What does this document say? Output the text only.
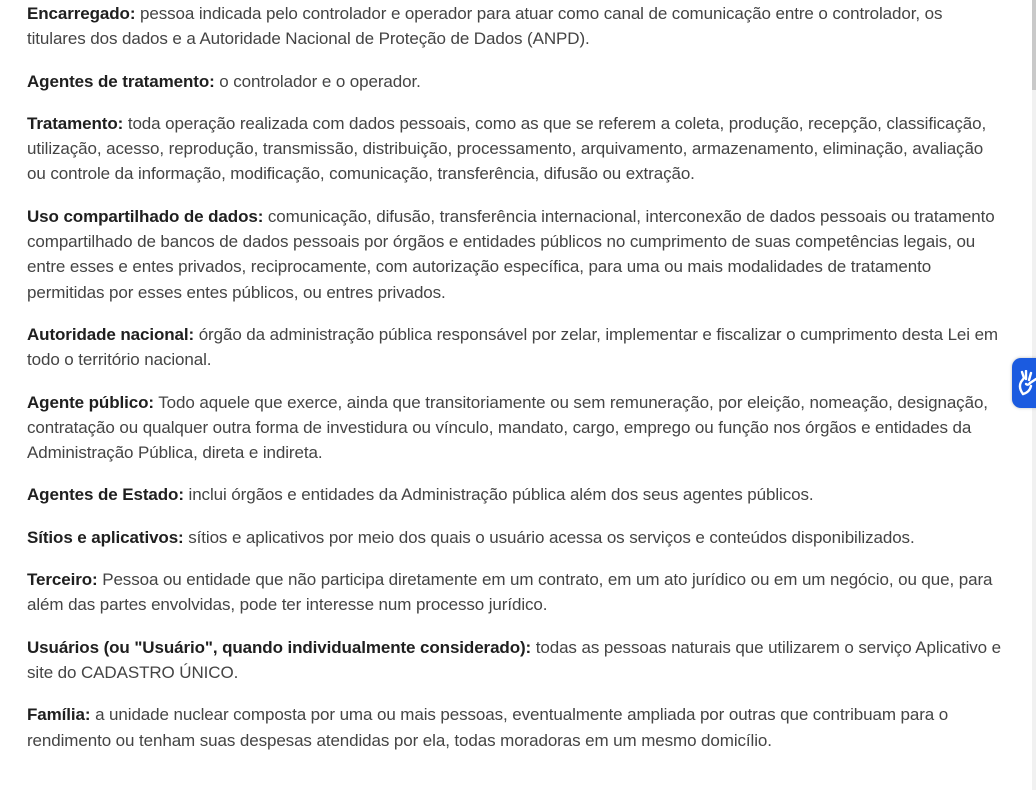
Encarregado: pessoa indicada pelo controlador e operador para atuar como canal de comunicação entre o controlador, os titulares dos dados e a Autoridade Nacional de Proteção de Dados (ANPD).

Agentes de tratamento: o controlador e o operador.

Tratamento: toda operação realizada com dados pessoais, como as que se referem a coleta, produção, recepção, classificação, utilização, acesso, reprodução, transmissão, distribuição, processamento, arquivamento, armazenamento, eliminação, avaliação ou controle da informação, modificação, comunicação, transferência, difusão ou extração.

Uso compartilhado de dados: comunicação, difusão, transferência internacional, interconexão de dados pessoais ou tratamento compartilhado de bancos de dados pessoais por órgãos e entidades públicos no cumprimento de suas competências legais, ou entre esses e entes privados, reciprocamente, com autorização específica, para uma ou mais modalidades de tratamento permitidas por esses entes públicos, ou entres privados.

Autoridade nacional: órgão da administração pública responsável por zelar, implementar e fiscalizar o cumprimento desta Lei em todo o território nacional.

Agente público: Todo aquele que exerce, ainda que transitoriamente ou sem remuneração, por eleição, nomeação, designação, contratação ou qualquer outra forma de investidura ou vínculo, mandato, cargo, emprego ou função nos órgãos e entidades da Administração Pública, direta e indireta.

Agentes de Estado: inclui órgãos e entidades da Administração pública além dos seus agentes públicos.

Sítios e aplicativos: sítios e aplicativos por meio dos quais o usuário acessa os serviços e conteúdos disponibilizados.

Terceiro: Pessoa ou entidade que não participa diretamente em um contrato, em um ato jurídico ou em um negócio, ou que, para além das partes envolvidas, pode ter interesse num processo jurídico.

Usuários (ou "Usuário", quando individualmente considerado): todas as pessoas naturais que utilizarem o serviço Aplicativo e site do CADASTRO ÚNICO.

Família: a unidade nuclear composta por uma ou mais pessoas, eventualmente ampliada por outras que contribuam para o rendimento ou tenham suas despesas atendidas por ela, todas moradoras em um mesmo domicílio.
